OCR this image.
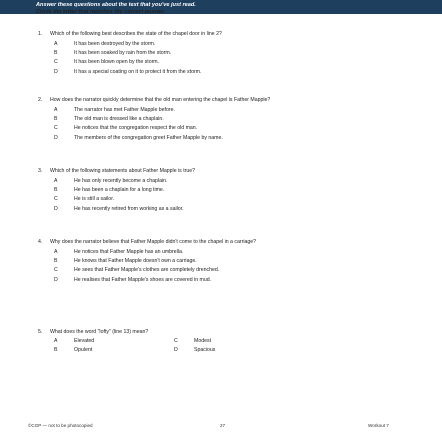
Answer these questions about the text that you've just read.
Circle the letter that matches the correct answer.
1.	Which of the following best describes the state of the chapel door in line 2?
A	It has been destroyed by the storm.
B	It has been soaked by rain from the storm.
C	It has been blown open by the storm.
D	It has a special coating on it to protect it from the storm.
2.	How does the narrator quickly determine that the old man entering the chapel is Father Mapple?
A	The narrator has met Father Mapple before.
B	The old man is dressed like a chaplain.
C	He notices that the congregation respect the old man.
D	The members of the congregation greet Father Mapple by name.
3.	Which of the following statements about Father Mapple is true?
A	He has only recently become a chaplain.
B	He has been a chaplain for a long time.
C	He is still a sailor.
D	He has recently retired from working as a sailor.
4.	Why does the narrator believe that Father Mapple didn't come to the chapel in a carriage?
A	He notices that Father Mapple has an umbrella.
B	He knows that Father Mapple doesn't own a carriage.
C	He sees that Father Mapple's clothes are completely drenched.
D	He realises that Father Mapple's shoes are covered in mud.
5.	What does the word "lofty" (line 13) mean?
A	Elevated	C	Modest
B	Opulent	D	Spacious
©CGP — not to be photocopied	27	Workout 7
